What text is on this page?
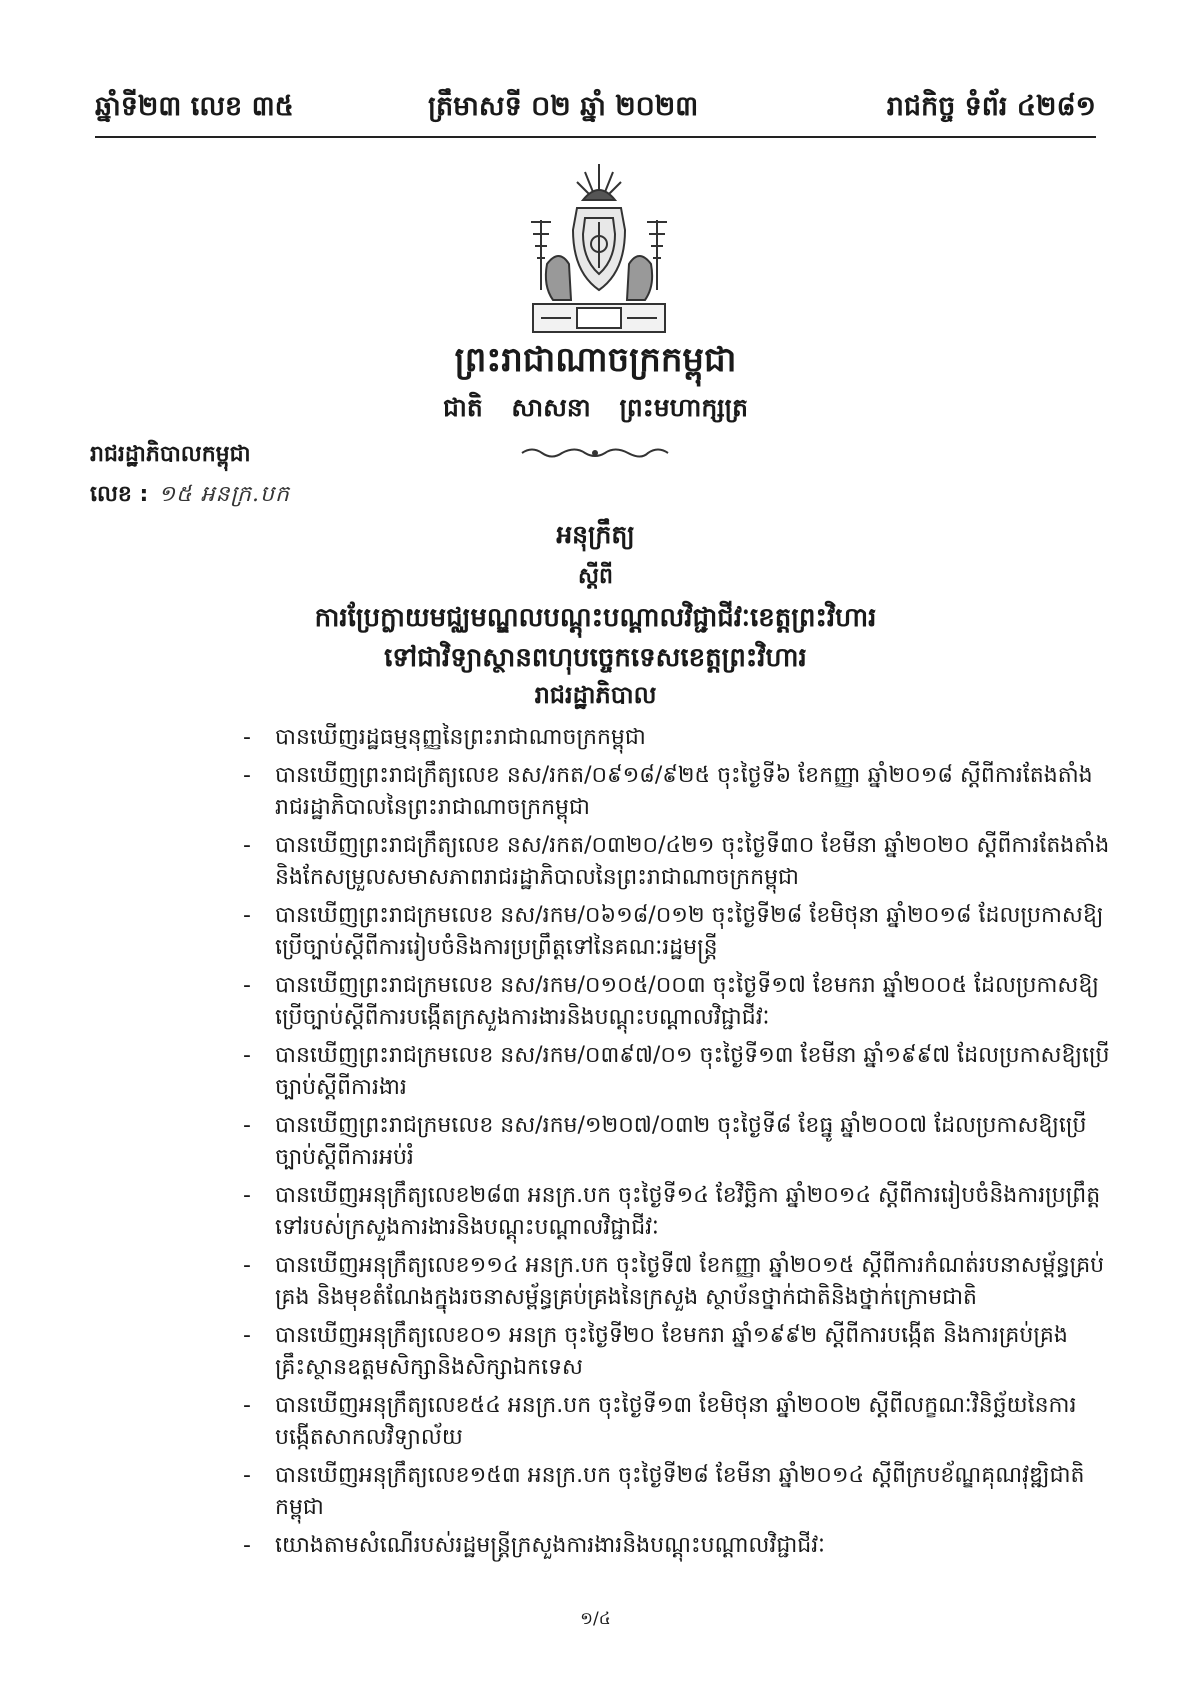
ឆ្នាំទី២៣ លេខ ៣៥	ត្រឹមាសទី ០២ ឆ្នាំ ២០២៣	រាជកិច្ច ទំព័រ ៤២៨១
ព្រះរាជាណាចក្រកម្ពុជា
ជាតិ សាសនា ព្រះមហាក្សត្រ
រាជរដ្ឋាភិបាលកម្ពុជា
លេខ : ១៥ អនក្រ.បក
អនុក្រឹត្យ
ស្តីពី
ការប្រែក្លាយមជ្ឈមណ្ឌលបណ្តុះបណ្តាលវិជ្ជាជីវៈខេត្តព្រះវិហារ
ទៅជាវិទ្យាស្ថានពហុបច្ចេកទេសខេត្តព្រះវិហារ
រាជរដ្ឋាភិបាល
- បានឃើញរដ្ឋធម្មនុញ្ញនៃព្រះរាជាណាចក្រកម្ពុជា
- បានឃើញព្រះរាជក្រឹត្យលេខ នស/រកត/០៩១៨/៩២៥ ចុះថ្ងៃទី៦ ខែកញ្ញា ឆ្នាំ២០១៨ ស្តីពីការតែងតាំងរាជរដ្ឋាភិបាលនៃព្រះរាជាណាចក្រកម្ពុជា
- បានឃើញព្រះរាជក្រឹត្យលេខ នស/រកត/០៣២០/៤២១ ចុះថ្ងៃទី៣០ ខែមីនា ឆ្នាំ២០២០ ស្តីពីការតែងតាំងនិងកែសម្រួលសមាសភាពរាជរដ្ឋាភិបាលនៃព្រះរាជាណាចក្រកម្ពុជា
- បានឃើញព្រះរាជក្រមលេខ នស/រកម/០៦១៨/០១២ ចុះថ្ងៃទី២៨ ខែមិថុនា ឆ្នាំ២០១៨ ដែលប្រកាសឱ្យប្រើច្បាប់ស្តីពីការរៀបចំនិងការប្រព្រឹត្តទៅនៃគណៈរដ្ឋមន្ត្រី
- បានឃើញព្រះរាជក្រមលេខ នស/រកម/០១០៥/០០៣ ចុះថ្ងៃទី១៧ ខែមករា ឆ្នាំ២០០៥ ដែលប្រកាសឱ្យប្រើច្បាប់ស្តីពីការបង្កើតក្រសួងការងារនិងបណ្តុះបណ្តាលវិជ្ជាជីវៈ
- បានឃើញព្រះរាជក្រមលេខ នស/រកម/០៣៩៧/០១ ចុះថ្ងៃទី១៣ ខែមីនា ឆ្នាំ១៩៩៧ ដែលប្រកាសឱ្យប្រើច្បាប់ស្តីពីការងារ
- បានឃើញព្រះរាជក្រមលេខ នស/រកម/១២០៧/០៣២ ចុះថ្ងៃទី៨ ខែធ្នូ ឆ្នាំ២០០៧ ដែលប្រកាសឱ្យប្រើច្បាប់ស្តីពីការអប់រំ
- បានឃើញអនុក្រឹត្យលេខ២៨៣ អនក្រ.បក ចុះថ្ងៃទី១៤ ខែវិច្ឆិកា ឆ្នាំ២០១៤ ស្តីពីការរៀបចំនិងការប្រព្រឹត្តទៅរបស់ក្រសួងការងារនិងបណ្តុះបណ្តាលវិជ្ជាជីវៈ
- បានឃើញអនុក្រឹត្យលេខ១១៤ អនក្រ.បក ចុះថ្ងៃទី៧ ខែកញ្ញា ឆ្នាំ២០១៥ ស្តីពីការកំណត់របនាសម្ព័ន្ធគ្រប់គ្រង និងមុខតំណែងក្នុងរចនាសម្ព័ន្ធគ្រប់គ្រងនៃក្រសួង ស្ថាប័នថ្នាក់ជាតិនិងថ្នាក់ក្រោមជាតិ
- បានឃើញអនុក្រឹត្យលេខ០១ អនក្រ ចុះថ្ងៃទី២០ ខែមករា ឆ្នាំ១៩៩២ ស្តីពីការបង្កើត និងការគ្រប់គ្រងគ្រឹះស្ថានឧត្តមសិក្សានិងសិក្សាឯកទេស
- បានឃើញអនុក្រឹត្យលេខ៥៤ អនក្រ.បក ចុះថ្ងៃទី១៣ ខែមិថុនា ឆ្នាំ២០០២ ស្តីពីលក្ខណៈវិនិច្ឆ័យនៃការបង្កើតសាកលវិទ្យាល័យ
- បានឃើញអនុក្រឹត្យលេខ១៥៣ អនក្រ.បក ចុះថ្ងៃទី២៨ ខែមីនា ឆ្នាំ២០១៤ ស្តីពីក្របខ័ណ្ឌគុណវុឌ្ឍិជាតិកម្ពុជា
- យោងតាមសំណើរបស់រដ្ឋមន្ត្រីក្រសួងការងារនិងបណ្តុះបណ្តាលវិជ្ជាជីវៈ
១/៤
